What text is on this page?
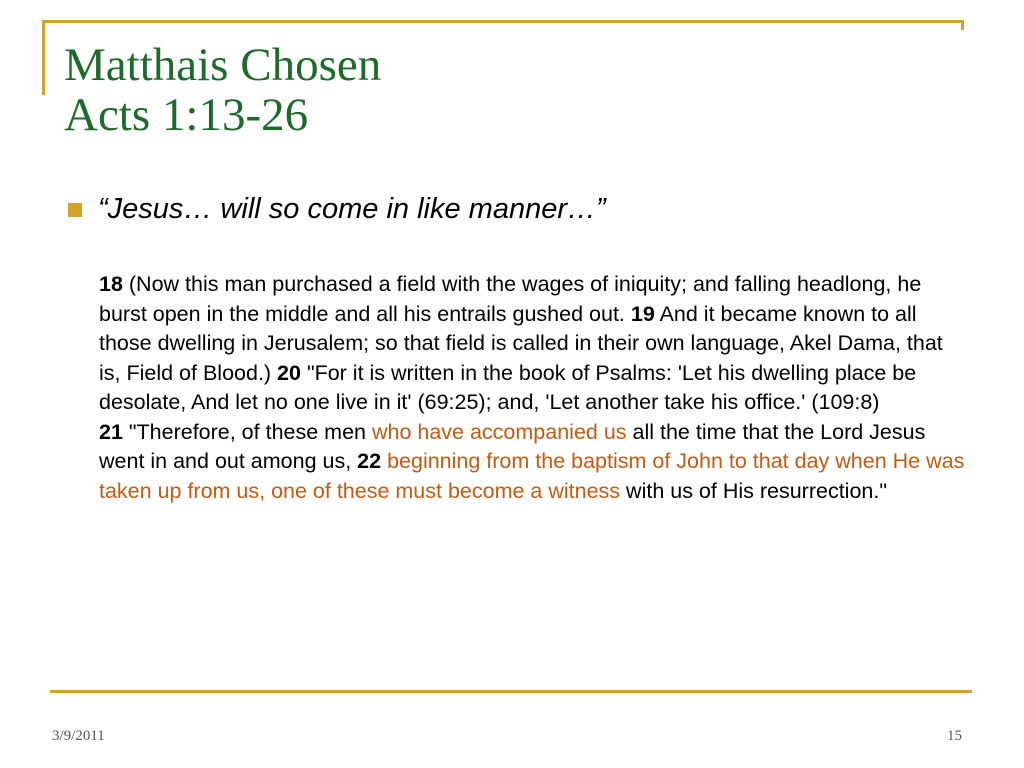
Matthais Chosen
Acts 1:13-26
“Jesus… will so come in like manner…”

18 (Now this man purchased a field with the wages of iniquity; and falling headlong, he burst open in the middle and all his entrails gushed out. 19 And it became known to all those dwelling in Jerusalem; so that field is called in their own language, Akel Dama, that is, Field of Blood.) 20 "For it is written in the book of Psalms: 'Let his dwelling place be desolate, And let no one live in it' (69:25); and, 'Let another take his office.' (109:8)
21 "Therefore, of these men who have accompanied us all the time that the Lord Jesus went in and out among us, 22 beginning from the baptism of John to that day when He was taken up from us, one of these must become a witness with us of His resurrection."

3/9/2011	15
